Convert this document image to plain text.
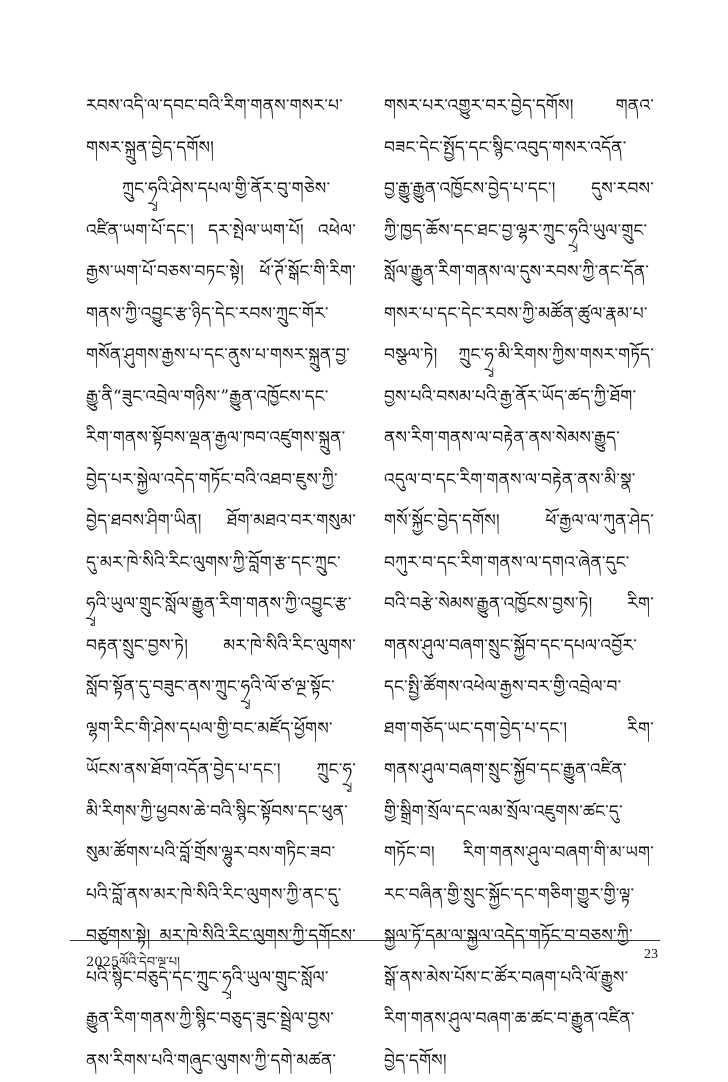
རབས་འདི་ལ་དབང་བའི་རིག་གནས་གསར་པ་
གསར་སྐྲུན་བྱེད་དགོས།
ཀྲུང་ཧྲྭའི་ཤེས་དཔལ་གྱི་ནོར་བུ་གཅེས་
འཛིན་ཡག་པོ་དང་། དར་སྤེལ་ཡག་པོ། འཕེལ་
རྒྱས་ཡག་པོ་བཅས་བཏང་སྟེ། ཕོ་ཊོ་སྒོང་གི་རིག་
གནས་ཀྱི་འབྱུང་རྩ་ཉིད་དེང་རབས་ཀྲུང་གོར་
གསོན་ཤུགས་རྒྱས་པ་དང་ནུས་པ་གསར་སྐྲུན་བྱ་
རྒྱུ་ནི“ཟུང་འབྲེལ་གཉིས་”རྒྱུན་འཁྱོངས་དང་
རིག་གནས་སྟོབས་ལྡན་རྒྱལ་ཁབ་འཛུགས་སྐྲུན་
བྱེད་པར་སྐྱེལ་འདེད་གཏོང་བའི་འཐབ་ཇུས་ཀྱི་
བྱེད་ཐབས་ཤིག་ཡིན། ཐོག་མཐའ་བར་གསུམ་
དུ་མར་ཁེ་སིའི་རིང་ལུགས་ཀྱི་བློག་རྩ་དང་ཀྲུང་
ཧྲྭའི་ཡུལ་གྲུང་སློལ་རྒྱུན་རིག་གནས་ཀྱི་འབྱུང་རྩ་
བརྟན་སྲུང་བྱས་ཏེ། མར་ཁེ་སིའི་རིང་ལུགས་
སློབ་སྟོན་དུ་བཟུང་ནས་ཀྲུང་ཧྲྭའི་ལོ་ཙ་ལྔ་སྟོང་
ལྷག་རིང་གི་ཤེས་དཔལ་གྱི་བང་མཛོད་ཕྱོགས་
ཡོངས་ནས་ཐོག་འདོན་བྱེད་པ་དང་། ཀྲུང་ཧྲྭ་
མི་རིགས་ཀྱི་ཕྱབས་ཆེ་བའི་སྙིང་སྟོབས་དང་ཕུན་
སུམ་ཚོགས་པའི་བློ་གྲོས་ལྷུར་བས་གཏིང་ཟབ་
པའི་བློ་ནས་མར་ཁེ་སིའི་རིང་ལུགས་ཀྱི་ནང་དུ་
བཙུགས་སྟེ། མར་ཁེ་སིའི་རིང་ལུགས་ཀྱི་དགོངས་
པའི་སྙིང་བཅུད་དང་ཀྲུང་ཧྲྭའི་ཡུལ་གྲུང་སློལ་
རྒྱུན་རིག་གནས་ཀྱི་སྙིང་བཅུད་ཟུང་སྦྲེལ་བྱས་
ནས་རིགས་པའི་གཞུང་ལུགས་ཀྱི་དགེ་མཚན་
གསར་པར་འགྱུར་བར་བྱེད་དགོས། གནའ་
བཟང་དེང་སྤྱོད་དང་སྙིང་འབུད་གསར་འདོན་
བྱ་རྒྱུ་རྒྱུན་འཁྱོངས་བྱེད་པ་དང་། དུས་རབས་
ཀྱི་ཁྱད་ཆོས་དང་ཐང་བྱ་ལྷར་ཀྲུང་ཧྲྭའི་ཡུལ་གྲུང་
སློལ་རྒྱུན་རིག་གནས་ལ་དུས་རབས་ཀྱི་ནང་དོན་
གསར་པ་དང་དེང་རབས་ཀྱི་མཚོན་ཚུལ་རྣམ་པ་
བསྩལ་ཏེ། ཀྲུང་ཧྲྭ་མི་རིགས་ཀྱིས་གསར་གཏོད་
བྱས་པའི་བསམ་པའི་རྒྱ་ནོར་ཡོད་ཚད་ཀྱི་ཐོག་
ནས་རིག་གནས་ལ་བརྟེན་ནས་སེམས་རྒྱུད་
འདུལ་བ་དང་རིག་གནས་ལ་བརྟེན་ནས་མི་སྣ་
གསོ་སྐྱོང་བྱེད་དགོས། ཕོ་རྒྱལ་ལ་ཀུན་ཤེད་
བཀུར་བ་དང་རིག་གནས་ལ་དགའ་ཞེན་དུང་
བའི་བརྩེ་སེམས་རྒྱུན་འཁྱོངས་བྱས་ཏེ། རིག་
གནས་ཤུལ་བཞག་སྲུང་སྐྱོབ་དང་དཔལ་འབྱོར་
དང་སྤྱི་ཚོགས་འཕེལ་རྒྱས་བར་གྱི་འབྲེལ་བ་
ཐག་གཅོད་ཡང་དག་བྱེད་པ་དང་། རིག་
གནས་ཤུལ་བཞག་སྲུང་སྐྱོབ་དང་རྒྱུན་འཛིན་
གྱི་སྒྲིག་སྲོལ་དང་ལམ་སྲོལ་འཇུགས་ཚང་དུ་
གཏོང་བ། རིག་གནས་ཤུལ་བཞག་གི་མ་ཡག་
རང་བཞིན་གྱི་སྲུང་སྐྱོང་དང་གཅིག་གྱུར་གྱི་ལྟ་
སྐྱལ་ཏོ་དམ་ལ་སྐྱལ་འདེད་གཏོང་བ་བཅས་ཀྱི་
སྒོ་ནས་མེས་པོས་ང་ཚོར་བཞག་པའི་ལོ་རྒྱུས་
རིག་གནས་ཤུལ་བཞག་ཆ་ཚང་བ་རྒྱུན་འཛིན་
བྱེད་དགོས།
2025ལོའི་དེབ་ལྔ་པ།
23
